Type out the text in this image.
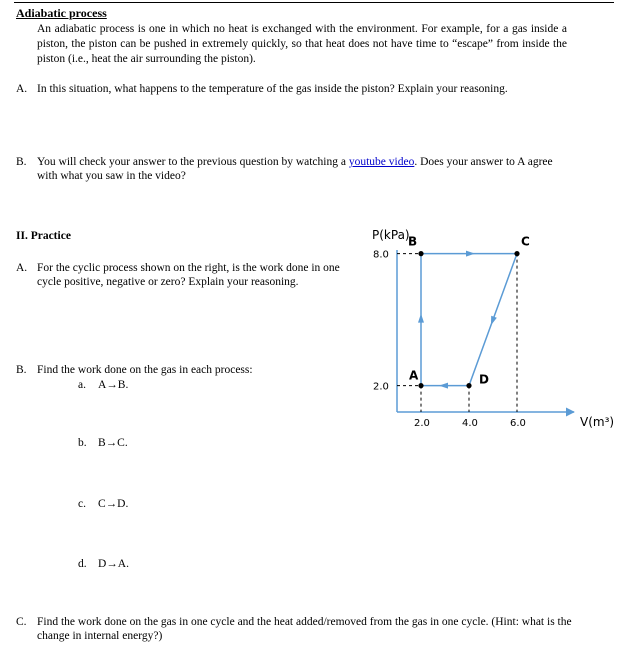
Adiabatic process
An adiabatic process is one in which no heat is exchanged with the environment. For example, for a gas inside a piston, the piston can be pushed in extremely quickly, so that heat does not have time to “escape” from inside the piston (i.e., heat the air surrounding the piston).
A. In this situation, what happens to the temperature of the gas inside the piston? Explain your reasoning.
B. You will check your answer to the previous question by watching a youtube video. Does your answer to A agree with what you saw in the video?
II. Practice
A. For the cyclic process shown on the right, is the work done in one cycle positive, negative or zero? Explain your reasoning.
B. Find the work done on the gas in each process:
a. A→B.
b. B→C.
c. C→D.
d. D→A.
C. Find the work done on the gas in one cycle and the heat added/removed from the gas in one cycle. (Hint: what is the change in internal energy?)
P(kPa)
V(m³)
8.0
2.0
2.0	4.0	6.0
A
B	C
D
